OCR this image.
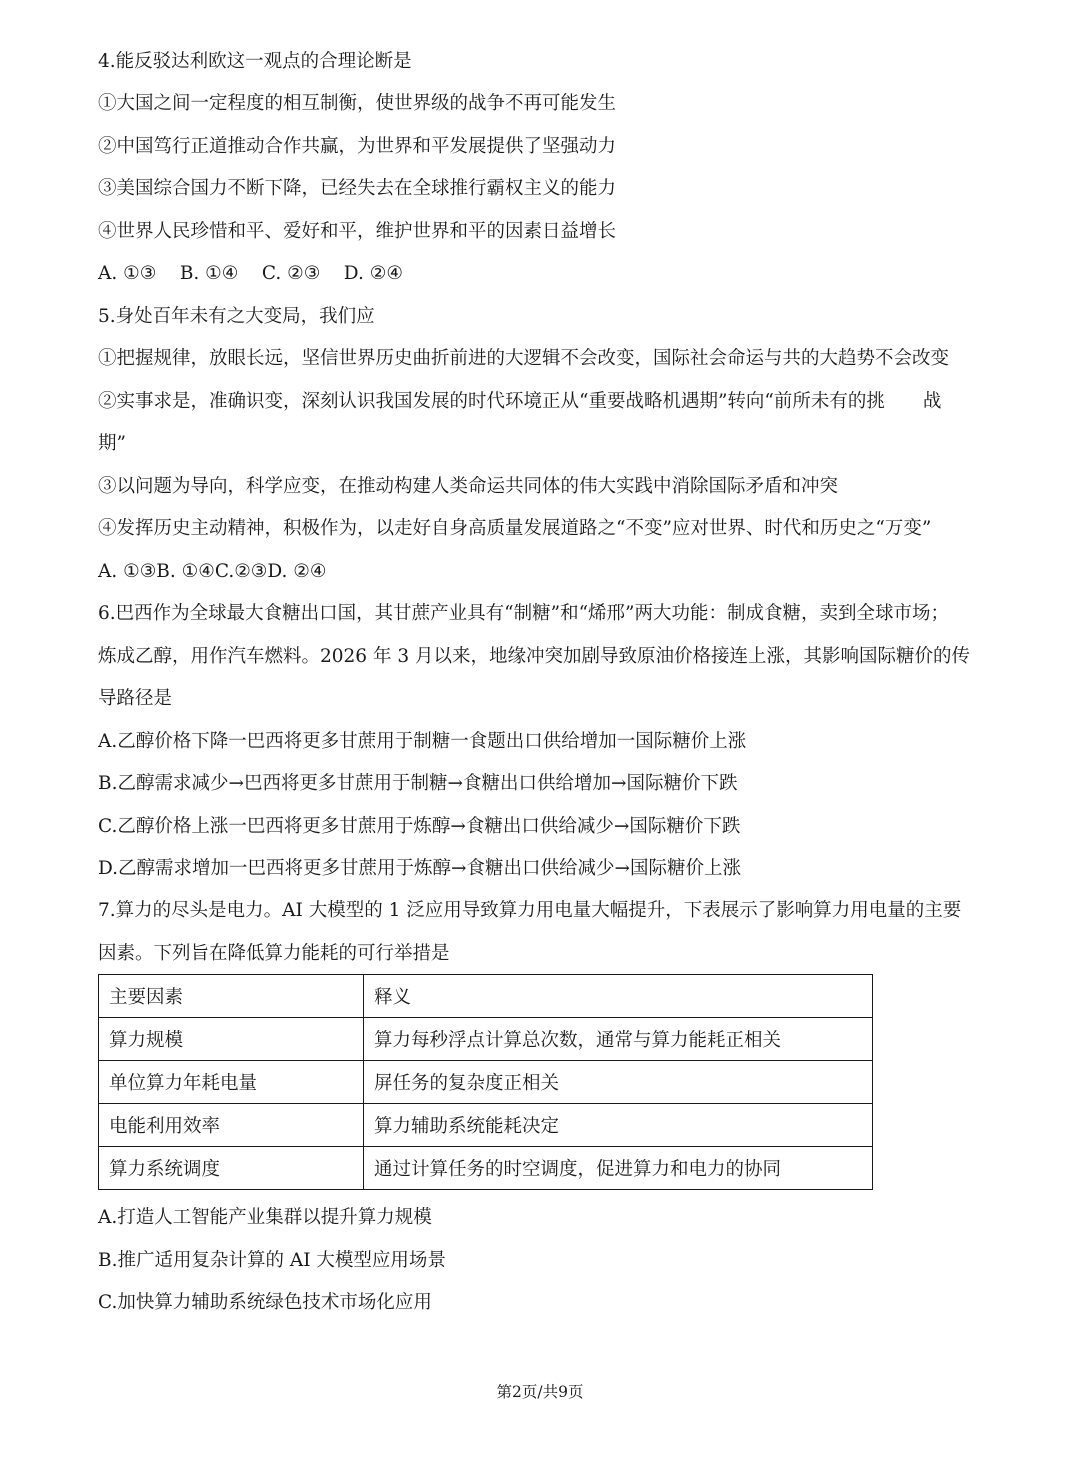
4.能反驳达利欧这一观点的合理论断是
①大国之间一定程度的相互制衡，使世界级的战争不再可能发生
②中国笃行正道推动合作共赢，为世界和平发展提供了坚强动力
③美国综合国力不断下降，已经失去在全球推行霸权主义的能力
④世界人民珍惜和平、爱好和平，维护世界和平的因素日益增长
A. ①③    B. ①④    C. ②③    D. ②④
5.身处百年未有之大变局，我们应
①把握规律，放眼长远，坚信世界历史曲折前进的大逻辑不会改变，国际社会命运与共的大趋势不会改变
②实事求是，准确识变，深刻认识我国发展的时代环境正从“重要战略机遇期”转向“前所未有的挑 战
期”
③以问题为导向，科学应变，在推动构建人类命运共同体的伟大实践中消除国际矛盾和冲突
④发挥历史主动精神，积极作为，以走好自身高质量发展道路之“不变”应对世界、时代和历史之“万变”
A. ①③B. ①④C.②③D. ②④
6.巴西作为全球最大食糖出口国，其甘蔗产业具有“制糖”和“烯邢”两大功能：制成食糖，卖到全球市场；
炼成乙醇，用作汽车燃料。2026 年 3 月以来，地缘冲突加剧导致原油价格接连上涨，其影响国际糖价的传
导路径是
A.乙醇价格下降一巴西将更多甘蔗用于制糖一食题出口供给增加一国际糖价上涨
B.乙醇需求减少→巴西将更多甘蔗用于制糖→食糖出口供给增加→国际糖价下跌
C.乙醇价格上涨一巴西将更多甘蔗用于炼醇→食糖出口供给减少→国际糖价下跌
D.乙醇需求增加一巴西将更多甘蔗用于炼醇→食糖出口供给减少→国际糖价上涨
7.算力的尽头是电力。AI 大模型的 1 泛应用导致算力用电量大幅提升，下表展示了影响算力用电量的主要
因素。下列旨在降低算力能耗的可行举措是
主要因素	释义
算力规模	算力每秒浮点计算总次数，通常与算力能耗正相关
单位算力年耗电量	屏任务的复杂度正相关
电能利用效率	算力辅助系统能耗决定
算力系统调度	通过计算任务的时空调度，促进算力和电力的协同
A.打造人工智能产业集群以提升算力规模
B.推广适用复杂计算的 AI 大模型应用场景
C.加快算力辅助系统绿色技术市场化应用
第2页/共9页
